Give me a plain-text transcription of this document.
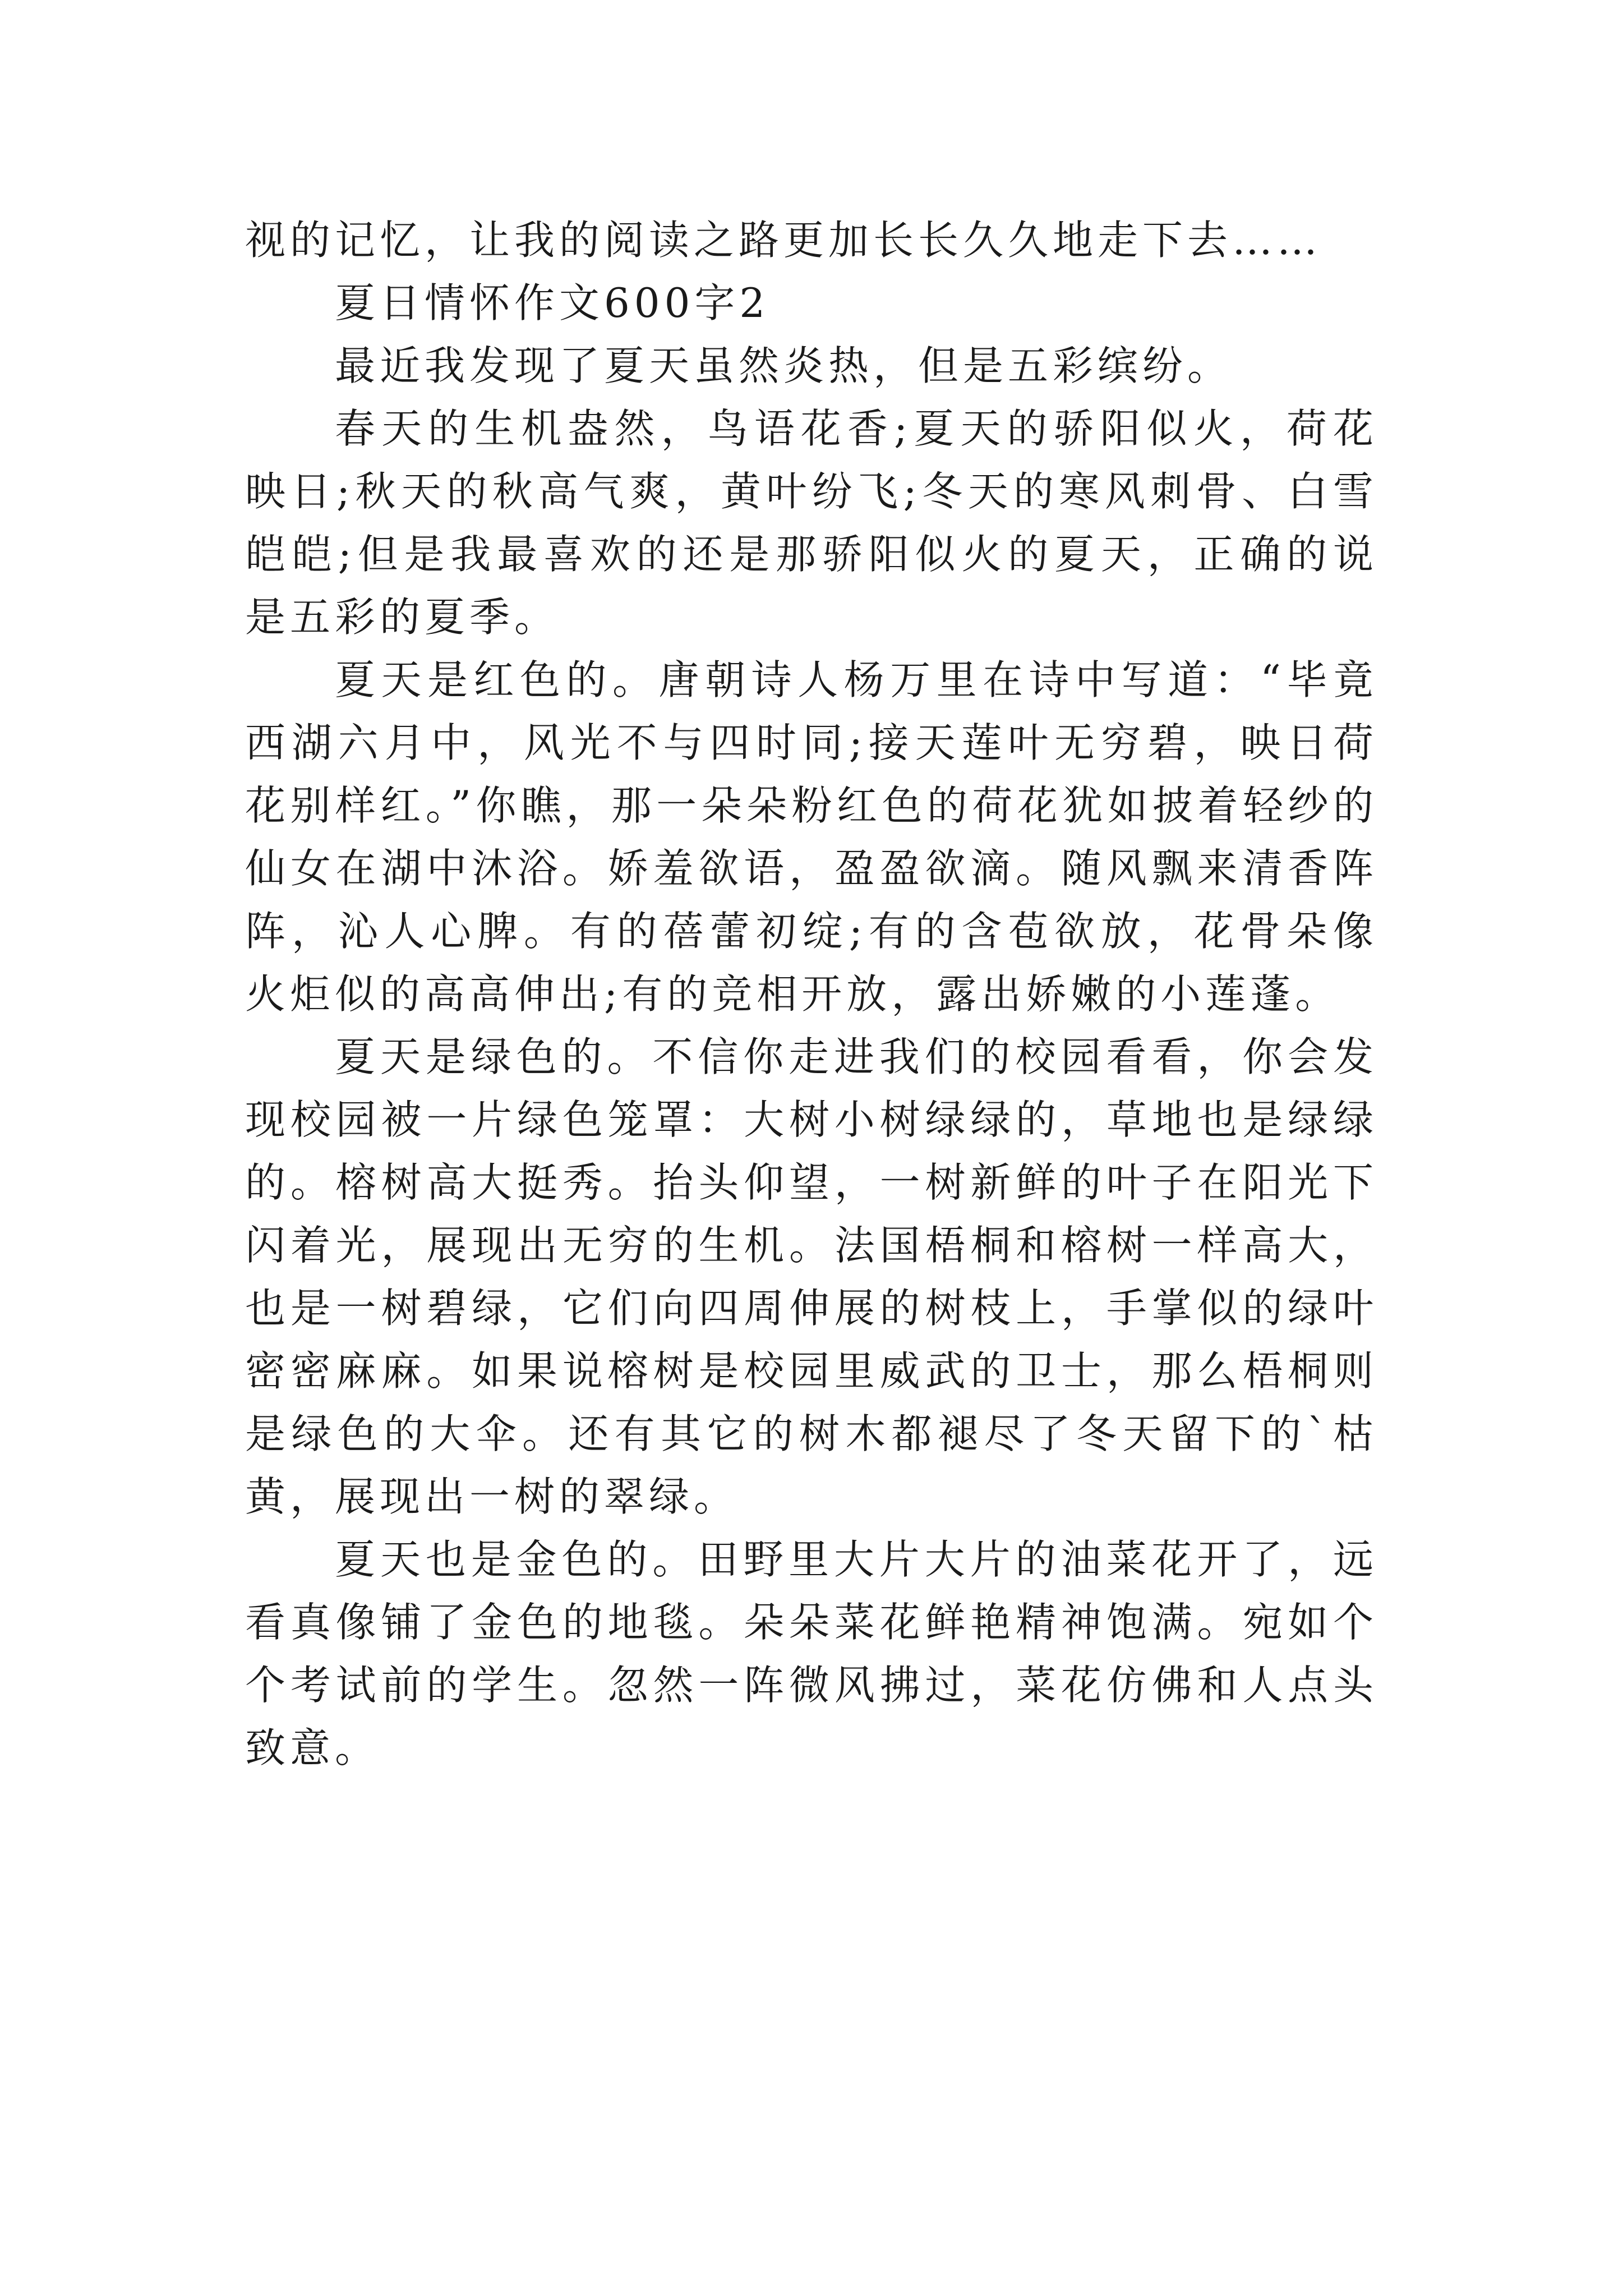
视的记忆，让我的阅读之路更加长长久久地走下去……

夏日情怀作文600字2

最近我发现了夏天虽然炎热，但是五彩缤纷。

春天的生机盎然，鸟语花香;夏天的骄阳似火，荷花映日;秋天的秋高气爽，黄叶纷飞;冬天的寒风刺骨、白雪皑皑;但是我最喜欢的还是那骄阳似火的夏天，正确的说是五彩的夏季。

夏天是红色的。唐朝诗人杨万里在诗中写道：“毕竟西湖六月中，风光不与四时同;接天莲叶无穷碧，映日荷花别样红。”你瞧，那一朵朵粉红色的荷花犹如披着轻纱的仙女在湖中沐浴。娇羞欲语，盈盈欲滴。随风飘来清香阵阵，沁人心脾。有的蓓蕾初绽;有的含苞欲放，花骨朵像火炬似的高高伸出;有的竞相开放，露出娇嫩的小莲蓬。

夏天是绿色的。不信你走进我们的校园看看，你会发现校园被一片绿色笼罩：大树小树绿绿的，草地也是绿绿的。榕树高大挺秀。抬头仰望，一树新鲜的叶子在阳光下闪着光，展现出无穷的生机。法国梧桐和榕树一样高大，也是一树碧绿，它们向四周伸展的树枝上，手掌似的绿叶密密麻麻。如果说榕树是校园里威武的卫士，那么梧桐则是绿色的大伞。还有其它的树木都褪尽了冬天留下的`枯黄，展现出一树的翠绿。

夏天也是金色的。田野里大片大片的油菜花开了，远看真像铺了金色的地毯。朵朵菜花鲜艳精神饱满。宛如个个考试前的学生。忽然一阵微风拂过，菜花仿佛和人点头致意。
